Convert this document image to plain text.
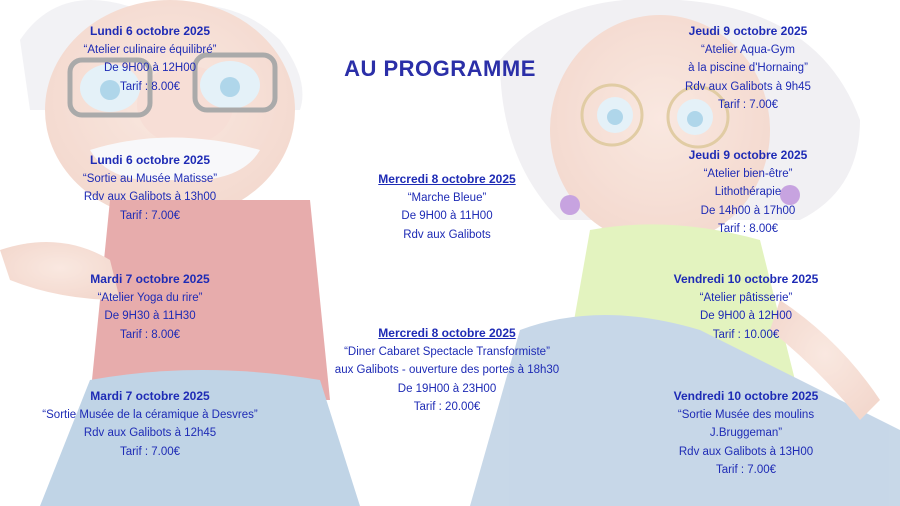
AU PROGRAMME
Lundi 6 octobre 2025
“Atelier culinaire équilibré”
De 9H00 à 12H00
Tarif : 8.00€
Lundi 6 octobre 2025
“Sortie au Musée Matisse”
Rdv aux Galibots à 13h00
Tarif : 7.00€
Mardi 7 octobre 2025
“Atelier Yoga du rire”
De 9H30 à 11H30
Tarif : 8.00€
Mardi 7 octobre 2025
“Sortie Musée de la céramique à Desvres”
Rdv aux Galibots à 12h45
Tarif : 7.00€
Mercredi 8 octobre 2025
“Marche Bleue”
De 9H00 à 11H00
Rdv aux Galibots
Mercredi 8 octobre 2025
“Diner Cabaret Spectacle Transformiste”
aux Galibots - ouverture des portes à 18h30
De 19H00 à 23H00
Tarif : 20.00€
Jeudi 9 octobre 2025
“Atelier Aqua-Gym
à la piscine d'Hornaing”
Rdv aux Galibots à 9h45
Tarif : 7.00€
Jeudi 9 octobre 2025
“Atelier bien-être”
Lithothérapie
De 14h00 à 17h00
Tarif : 8.00€
Vendredi 10 octobre 2025
“Atelier pâtisserie”
De 9H00 à 12H00
Tarif : 10.00€
Vendredi 10 octobre 2025
“Sortie Musée des moulins
J.Bruggeman”
Rdv aux Galibots à 13H00
Tarif : 7.00€
